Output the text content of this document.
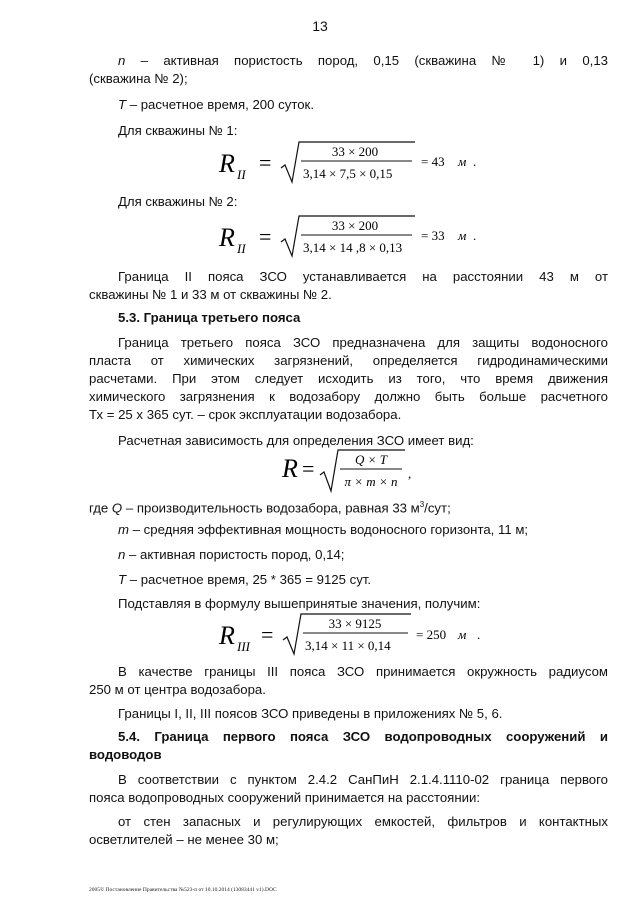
13
n – активная пористость пород, 0,15 (скважина № 1) и 0,13
(скважина № 2);
T – расчетное время, 200 суток.
Для скважины № 1:
R II =	33 × 200
3,14 × 7,5 × 0,15
= 43 м .
Для скважины № 2:
R II =	33 × 200
3,14 × 14 ,8 × 0,13
= 33 м .
Граница II пояса ЗСО устанавливается на расстоянии 43 м от
скважины № 1 и 33 м от скважины № 2.
5.3. Граница третьего пояса
Граница третьего пояса ЗСО предназначена для защиты водоносного
пласта от химических загрязнений, определяется гидродинамическими
расчетами. При этом следует исходить из того, что время движения
химического загрязнения к водозабору должно быть больше расчетного
Тх = 25 х 365 сут. – срок эксплуатации водозабора.
Расчетная зависимость для определения ЗСО имеет вид:
R =	Q × T
π × m × n
,
где Q – производительность водозабора, равная 33 $м^3$/сут;
m – средняя эффективная мощность водоносного горизонта, 11 м;
n – активная пористость пород, 0,14;
T – расчетное время, 25 * 365 = 9125 сут.
Подставляя в формулу вышепринятые значения, получим:
R III =	33 × 9125
3,14 × 11 × 0,14
= 250 м .
В качестве границы III пояса ЗСО принимается окружность радиусом
250 м от центра водозабора.
Границы I, II, III поясов ЗСО приведены в приложениях № 5, 6.
5.4. Граница первого пояса ЗСО водопроводных сооружений и
водоводов
В соответствии с пунктом 2.4.2 СанПиН 2.1.4.1110-02 граница первого
пояса водопроводных сооружений принимается на расстоянии:
от стен запасных и регулирующих емкостей, фильтров и контактных
осветлителей – не менее 30 м;
2005© Постановление Правительства №523-п от 10.10.2014 (13083441 v1).DOC
